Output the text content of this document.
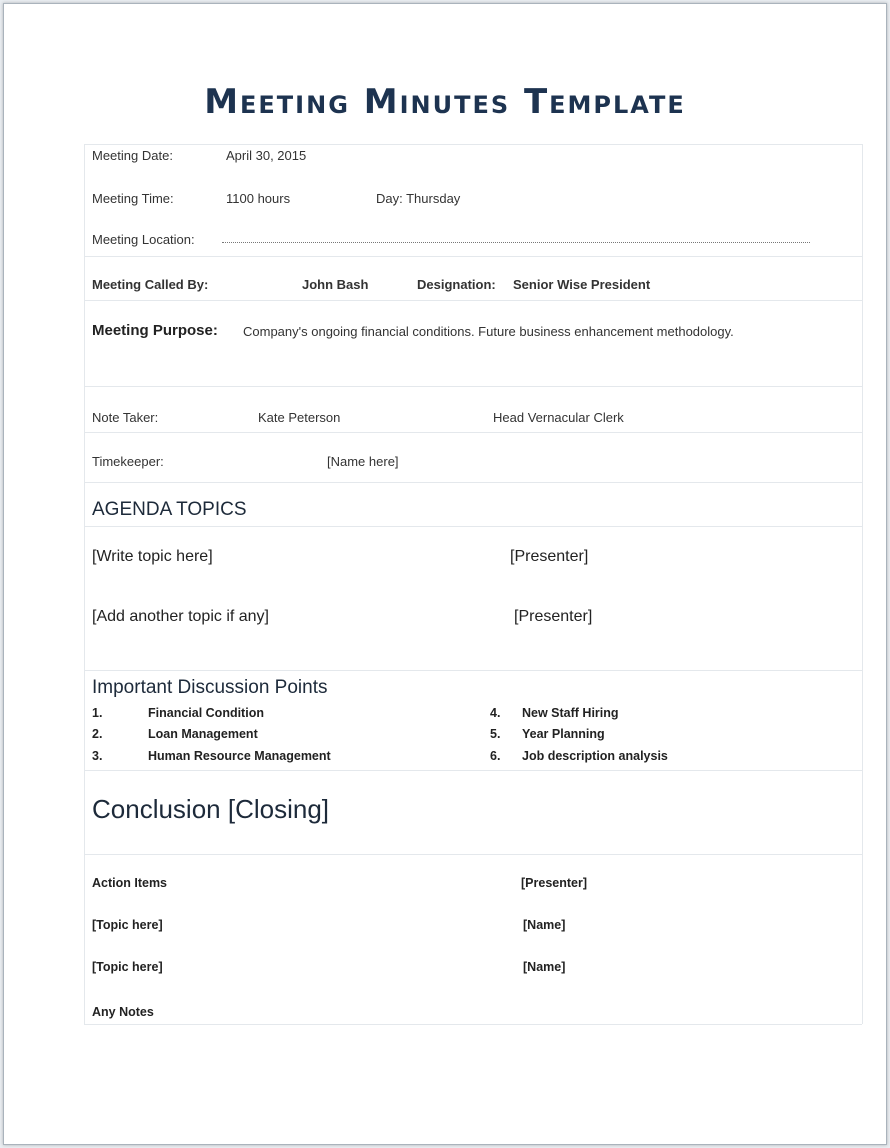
Meeting Minutes Template
Meeting Date:	April 30, 2015
Meeting Time:	1100 hours	Day: Thursday
Meeting Location:
Meeting Called By:	John Bash	Designation: Senior Wise President
Meeting Purpose: Company's ongoing financial conditions. Future business enhancement methodology.
Note Taker:	Kate Peterson	Head Vernacular Clerk
Timekeeper:	[Name here]
AGENDA TOPICS
[Write topic here]	[Presenter]
[Add another topic if any]	[Presenter]
Important Discussion Points
1.	Financial Condition
2.	Loan Management
3.	Human Resource Management
4. New Staff Hiring
5. Year Planning
6. Job description analysis
Conclusion [Closing]
Action Items	[Presenter]
[Topic here]	[Name]
[Topic here]	[Name]
Any Notes
